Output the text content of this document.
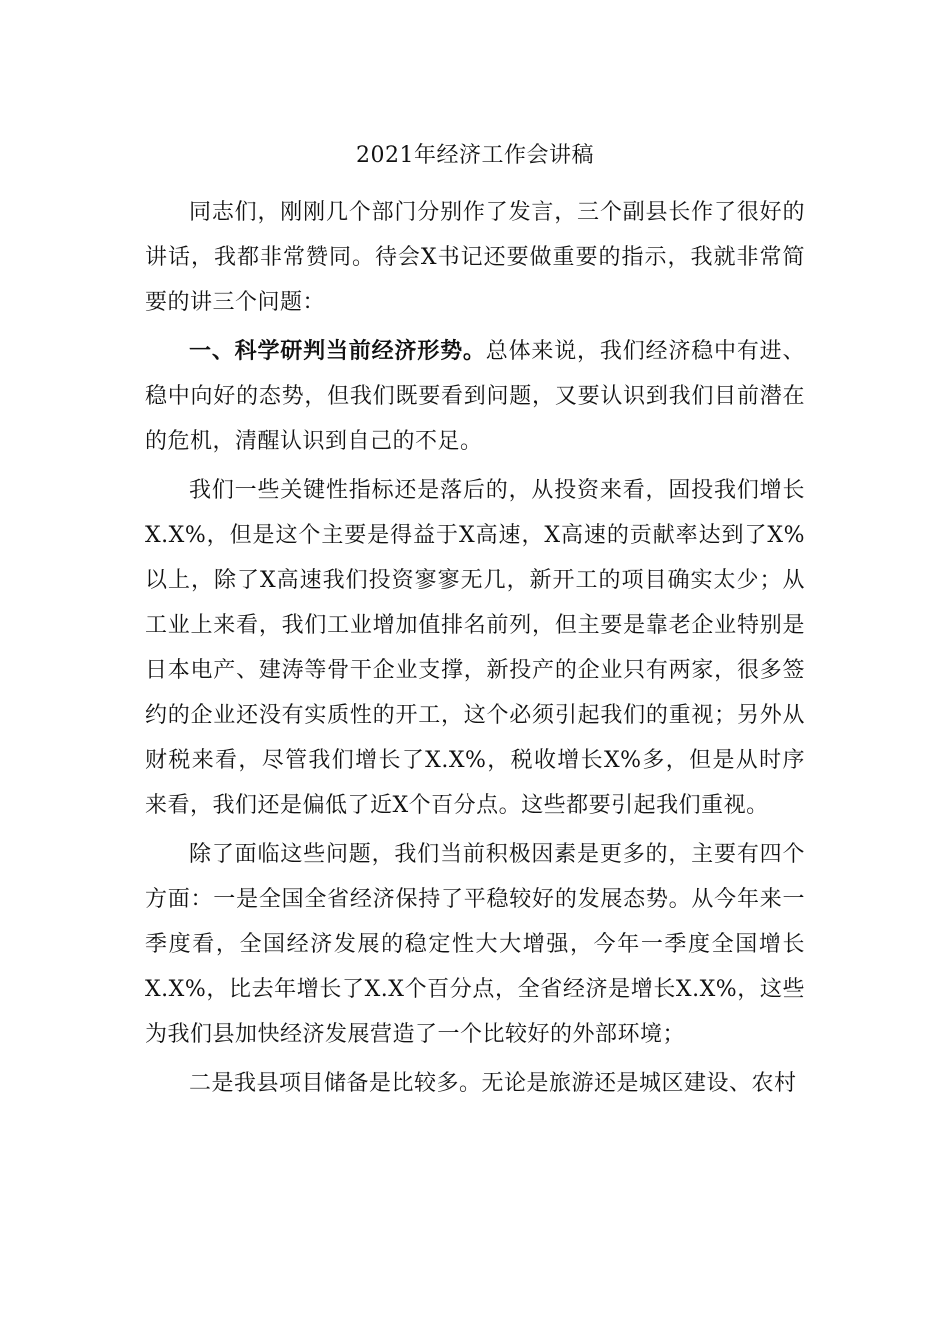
2021年经济工作会讲稿

同志们，刚刚几个部门分别作了发言，三个副县长作了很好的讲话，我都非常赞同。待会X书记还要做重要的指示，我就非常简要的讲三个问题：

一、科学研判当前经济形势。总体来说，我们经济稳中有进、稳中向好的态势，但我们既要看到问题，又要认识到我们目前潜在的危机，清醒认识到自己的不足。

我们一些关键性指标还是落后的，从投资来看，固投我们增长X.X%，但是这个主要是得益于X高速，X高速的贡献率达到了X%以上，除了X高速我们投资寥寥无几，新开工的项目确实太少；从工业上来看，我们工业增加值排名前列，但主要是靠老企业特别是日本电产、建涛等骨干企业支撑，新投产的企业只有两家，很多签约的企业还没有实质性的开工，这个必须引起我们的重视；另外从财税来看，尽管我们增长了X.X%，税收增长X%多，但是从时序来看，我们还是偏低了近X个百分点。这些都要引起我们重视。

除了面临这些问题，我们当前积极因素是更多的，主要有四个方面：一是全国全省经济保持了平稳较好的发展态势。从今年来一季度看，全国经济发展的稳定性大大增强，今年一季度全国增长X.X%，比去年增长了X.X个百分点，全省经济是增长X.X%，这些为我们县加快经济发展营造了一个比较好的外部环境；

二是我县项目储备是比较多。无论是旅游还是城区建设、农村
